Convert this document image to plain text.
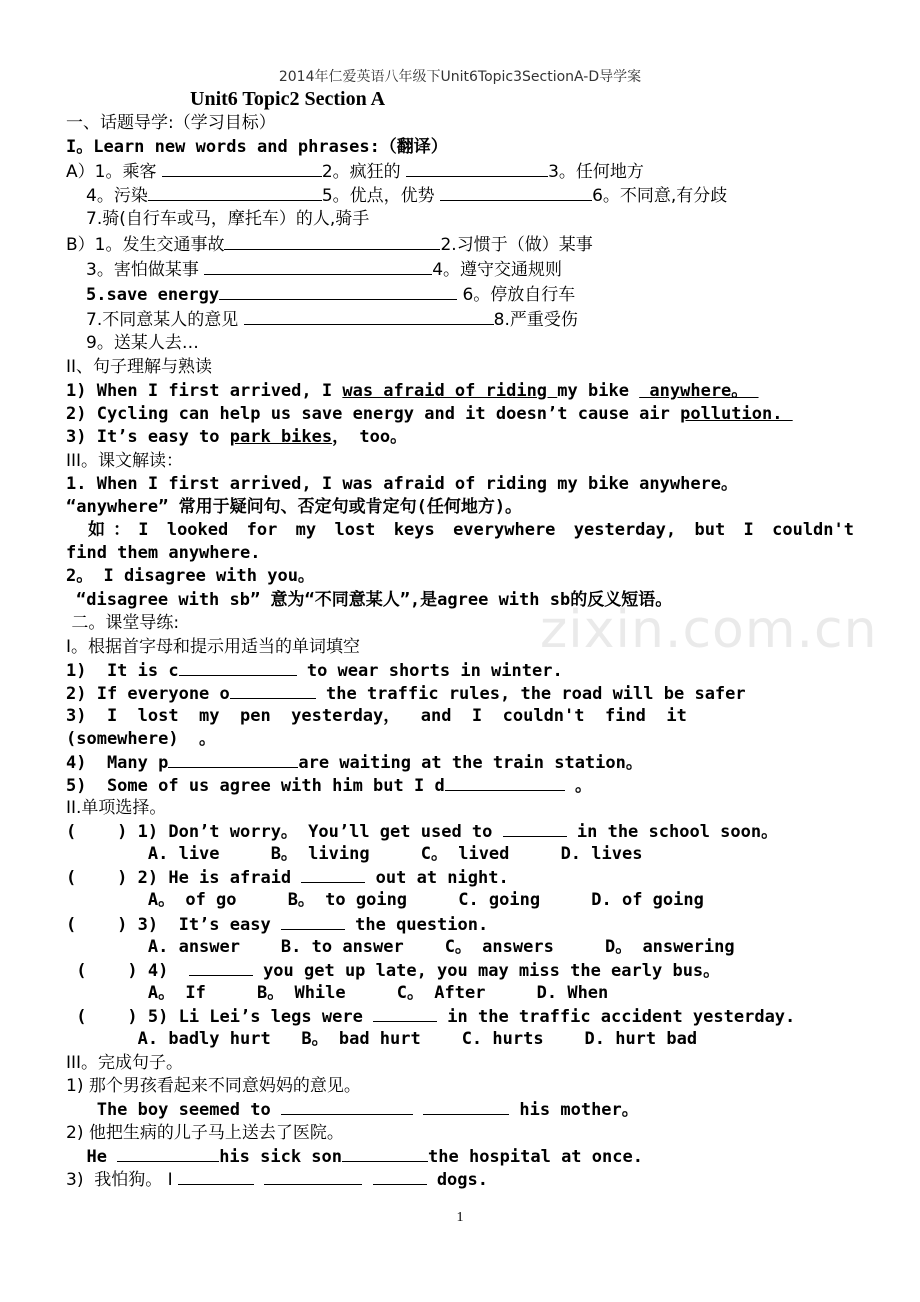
2014年仁爱英语八年级下Unit6Topic3SectionA-D导学案
Unit6 Topic2 Section A
一、话题导学:（学习目标）
I。Learn new words and phrases:（翻译）
A）1。乘客	2。疯狂的	3。任何地方
4。污染	5。优点，优势	6。不同意,有分歧
7.骑(自行车或马，摩托车）的人,骑手
B）1。发生交通事故	2.习惯于（做）某事
3。害怕做某事	4。遵守交通规则
5.save energy	6。停放自行车
7.不同意某人的意见	8.严重受伤
9。送某人去…
II、句子理解与熟读
1) When I first arrived, I was afraid of riding my bike  anywhere。
2) Cycling can help us save energy and it doesn’t cause air pollution.
3) It’s easy to park bikes， too。
III。课文解读：
1. When I first arrived, I was afraid of riding my bike anywhere。
“anywhere” 常用于疑问句、否定句或肯定句(任何地方)。
如：I looked for my lost keys everywhere yesterday, but I couldn't
find them anywhere.
2。 I disagree with you。
“disagree with sb” 意为“不同意某人”,是agree with sb的反义短语。
二。课堂导练:
I。根据首字母和提示用适当的单词填空
1)  It is c	to wear shorts in winter.
2) If everyone o	the traffic rules, the road will be safer
3)  I  lost  my  pen  yesterday，  and  I  couldn't  find  it
(somewhere)  。
4)  Many p	are waiting at the train station。
5)  Some of us agree with him but I d	。
II.单项选择。
(    ) 1) Don’t worry。 You’ll get used to	in the school soon。
A. live     B。 living     C。 lived     D. lives
(    ) 2) He is afraid	out at night.
A。 of go     B。 to going     C. going     D. of going
(    ) 3)  It’s easy	the question.
A. answer    B. to answer    C。 answers     D。 answering
(    ) 4)	you get up late, you may miss the early bus。
A。 If     B。 While     C。 After     D. When
(    ) 5) Li Lei’s legs were	in the traffic accident yesterday.
A. badly hurt   B。 bad hurt    C. hurts    D. hurt bad
III。完成句子。
1) 那个男孩看起来不同意妈妈的意见。
The boy seemed to	his mother。
2) 他把生病的儿子马上送去了医院。
He	his sick son	the hospital at once.
3)  我怕狗。 I	dogs.
zixin.com.cn
1
